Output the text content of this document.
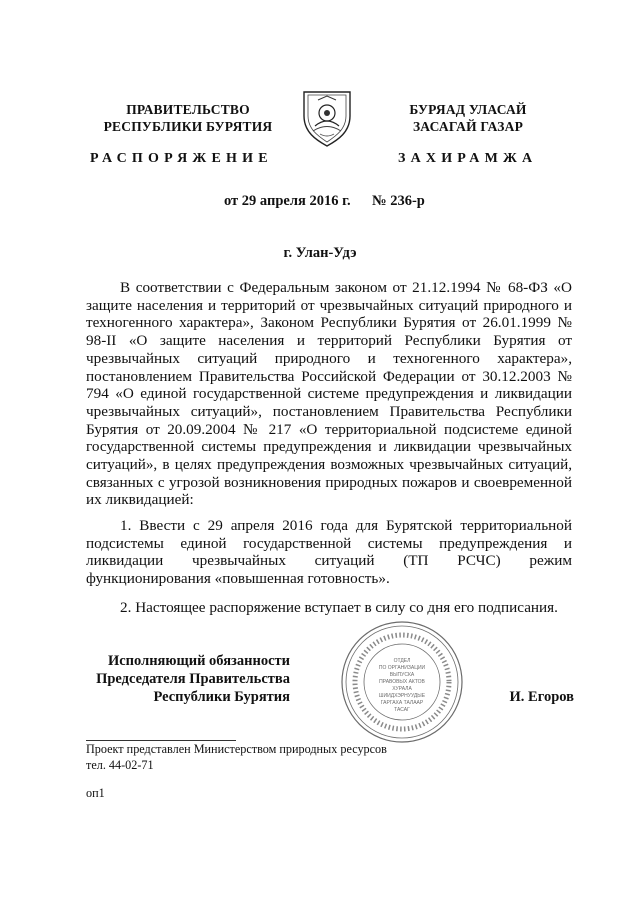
ПРАВИТЕЛЬСТВО
РЕСПУБЛИКИ БУРЯТИЯ
БУРЯАД УЛАСАЙ
ЗАСАГАЙ ГАЗАР
РАСПОРЯЖЕНИЕ	ЗАХИРАМЖА
от 29 апреля 2016 г. № 236-р
г. Улан-Удэ
В соответствии с Федеральным законом от 21.12.1994 № 68-ФЗ «О защите населения и территорий от чрезвычайных ситуаций природного и техногенного характера», Законом Республики Бурятия от 26.01.1999 № 98-II «О защите населения и территорий Республики Бурятия от чрезвычайных ситуаций природного и техногенного характера», постановлением Правительства Российской Федерации от 30.12.2003 № 794 «О единой государственной системе предупреждения и ликвидации чрезвычайных ситуаций», постановлением Правительства Республики Бурятия от 20.09.2004 № 217 «О территориальной подсистеме единой государственной системы предупреждения и ликвидации чрезвычайных ситуаций», в целях предупреждения возможных чрезвычайных ситуаций, связанных с угрозой возникновения природных пожаров и своевременной их ликвидацией:
1. Ввести с 29 апреля 2016 года для Бурятской территориальной подсистемы единой государственной системы предупреждения и ликвидации чрезвычайных ситуаций (ТП РСЧС) режим функционирования «повышенная готовность».
2. Настоящее распоряжение вступает в силу со дня его подписания.
Исполняющий обязанности
Председателя Правительства
Республики Бурятия
ОТДЕЛ
ПО ОРГАНИЗАЦИИ
ВЫПУСКА
ПРАВОВЫХ АКТОВ
ХУРАЛА
ШИИДХЭРНУУДЫЕ
ГАРГАХА ТАЛААР
ТАСАГ
И. Егоров
Проект представлен Министерством природных ресурсов
тел. 44-02-71
оп1
